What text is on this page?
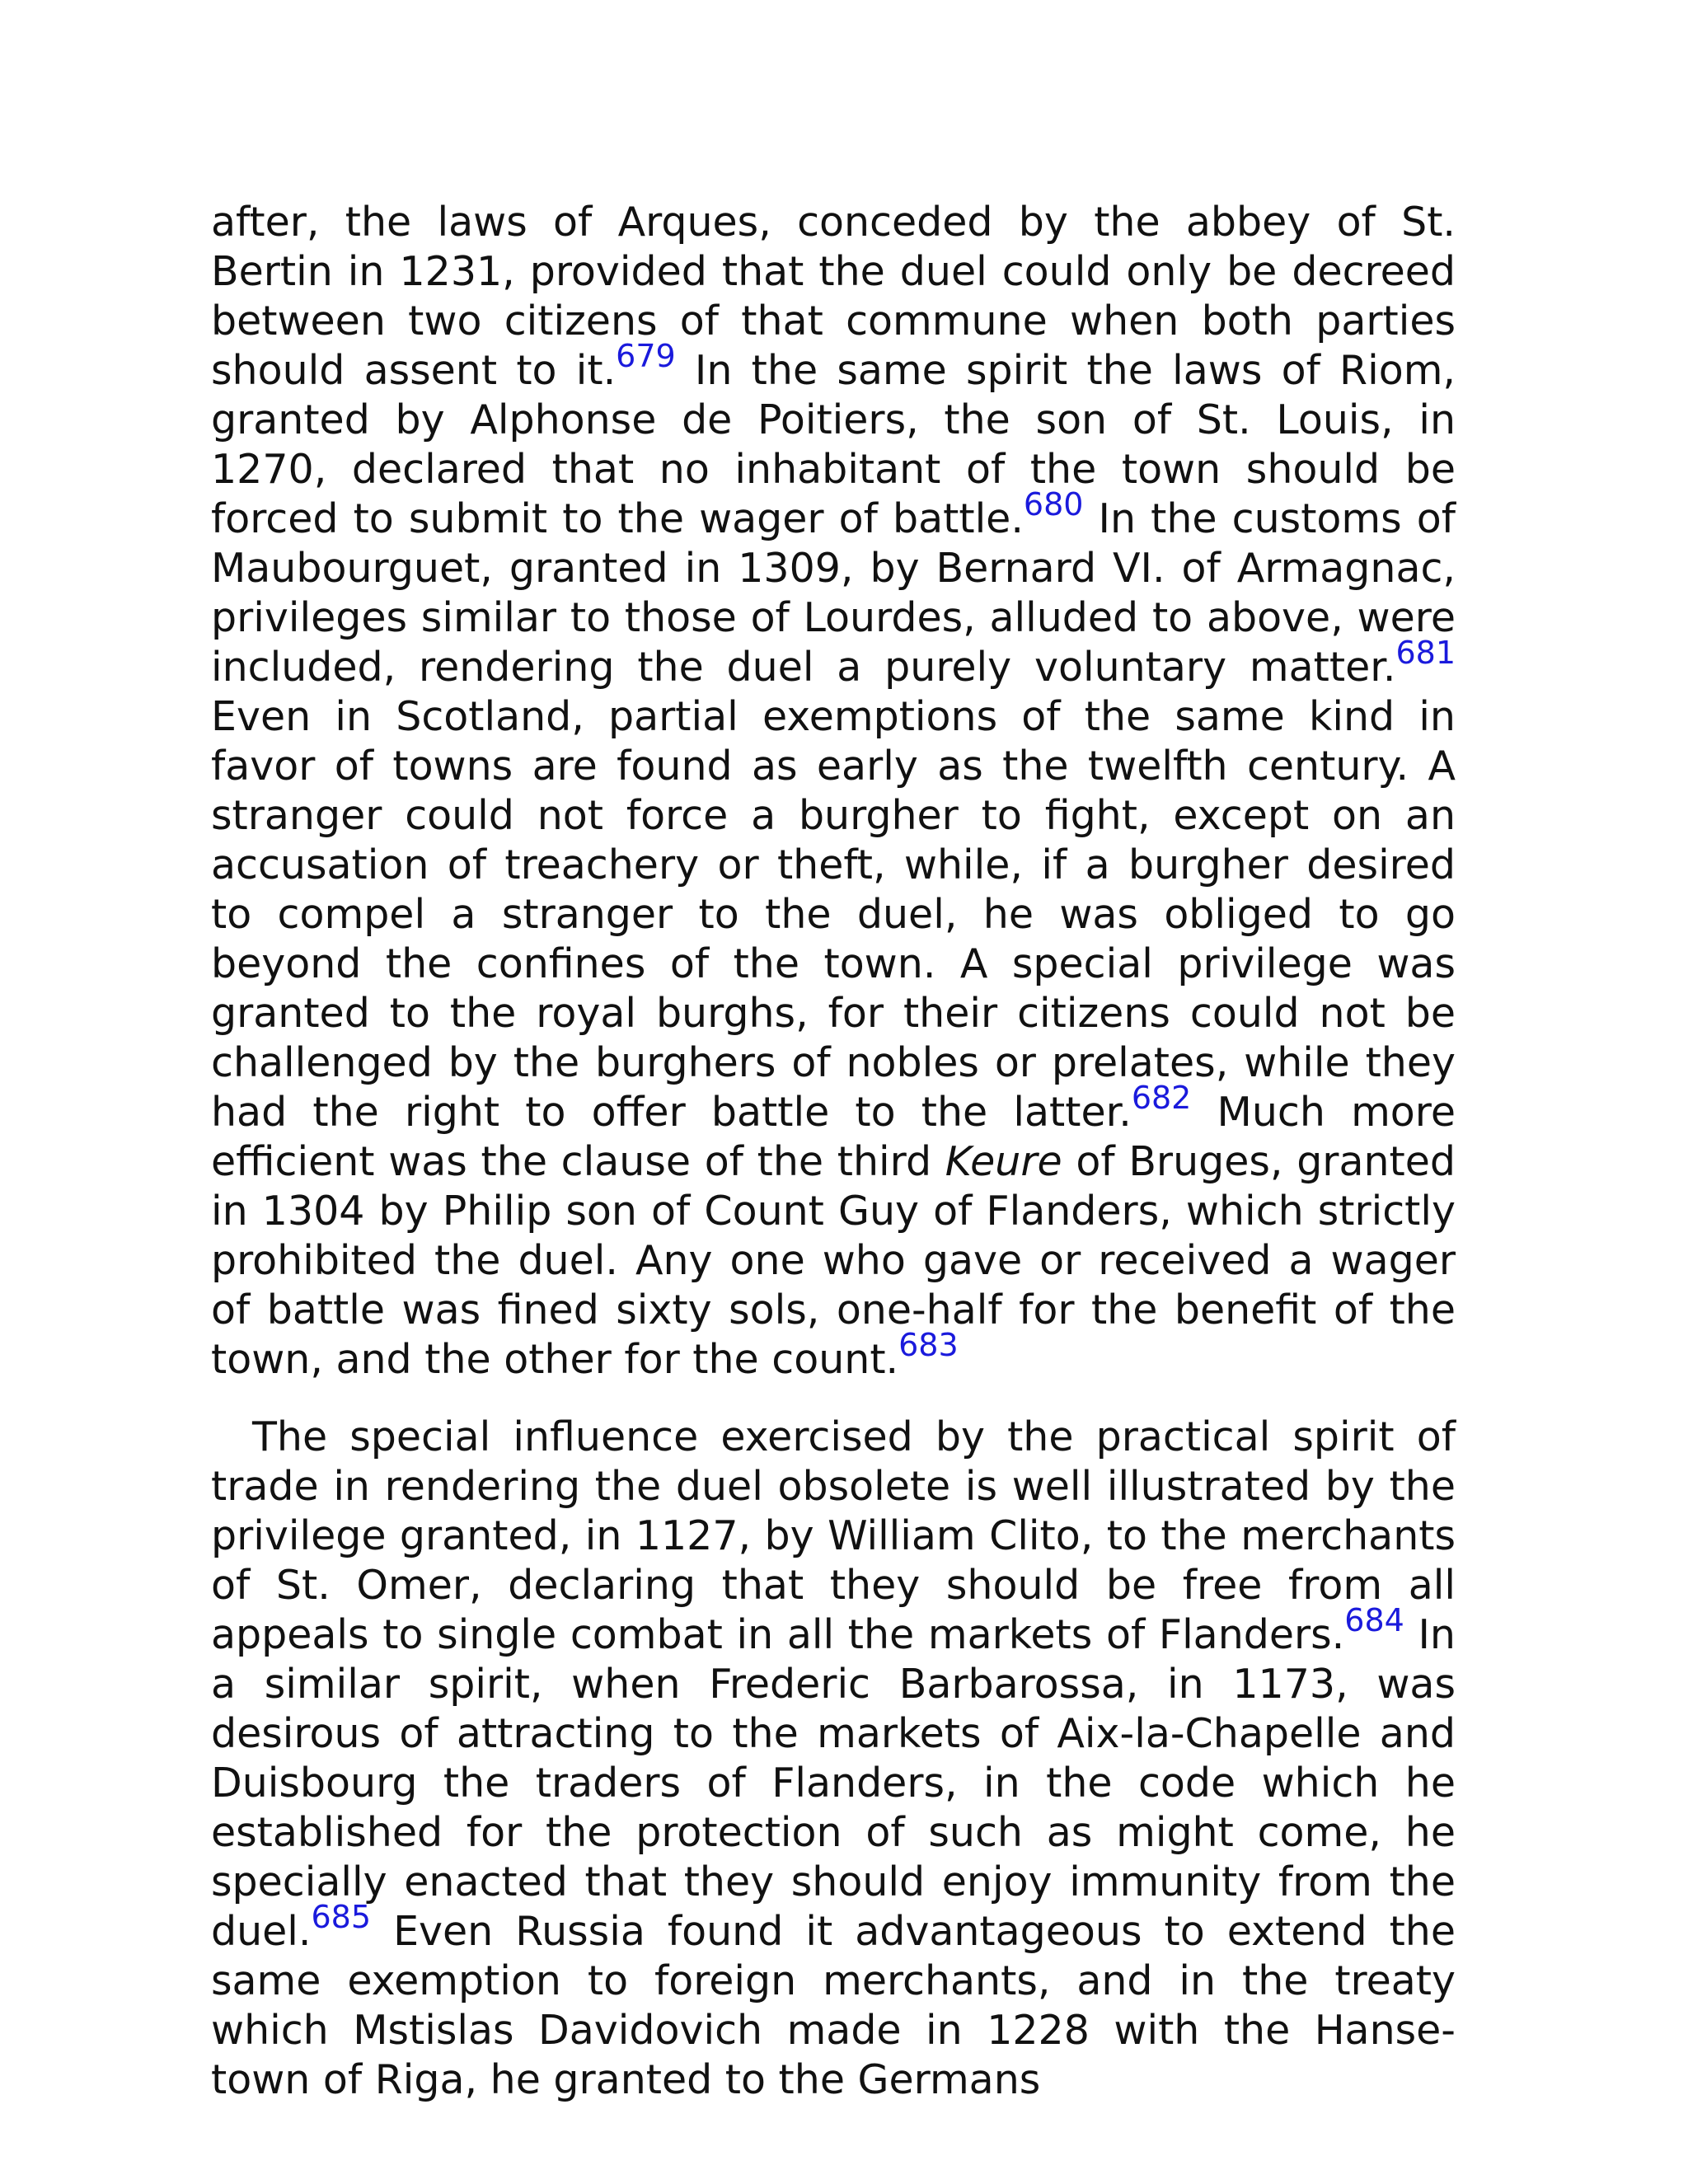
after, the laws of Arques, conceded by the abbey of St. Bertin in 1231, provided that the duel could only be decreed between two citizens of that commune when both parties should assent to it.$^{679}$ In the same spirit the laws of Riom, granted by Alphonse de Poitiers, the son of St. Louis, in 1270, declared that no inhabitant of the town should be forced to submit to the wager of battle.$^{680}$ In the customs of Maubourguet, granted in 1309, by Bernard VI. of Armagnac, privileges similar to those of Lourdes, alluded to above, were included, rendering the duel a purely voluntary matter.$^{681}$ Even in Scotland, partial exemptions of the same kind in favor of towns are found as early as the twelfth century. A stranger could not force a burgher to fight, except on an accusation of treachery or theft, while, if a burgher desired to compel a stranger to the duel, he was obliged to go beyond the confines of the town. A special privilege was granted to the royal burghs, for their citizens could not be challenged by the burghers of nobles or prelates, while they had the right to offer battle to the latter.$^{682}$ Much more efficient was the clause of the third Keure of Bruges, granted in 1304 by Philip son of Count Guy of Flanders, which strictly prohibited the duel. Any one who gave or received a wager of battle was fined sixty sols, one-half for the benefit of the town, and the other for the count.$^{683}$

The special influence exercised by the practical spirit of trade in rendering the duel obsolete is well illustrated by the privilege granted, in 1127, by William Clito, to the merchants of St. Omer, declaring that they should be free from all appeals to single combat in all the markets of Flanders.$^{684}$ In a similar spirit, when Frederic Barbarossa, in 1173, was desirous of attracting to the markets of Aix-la-Chapelle and Duisbourg the traders of Flanders, in the code which he established for the protection of such as might come, he specially enacted that they should enjoy immunity from the duel.$^{685}$ Even Russia found it advantageous to extend the same exemption to foreign merchants, and in the treaty which Mstislas Davidovich made in 1228 with the Hanse-town of Riga, he granted to the Germans
